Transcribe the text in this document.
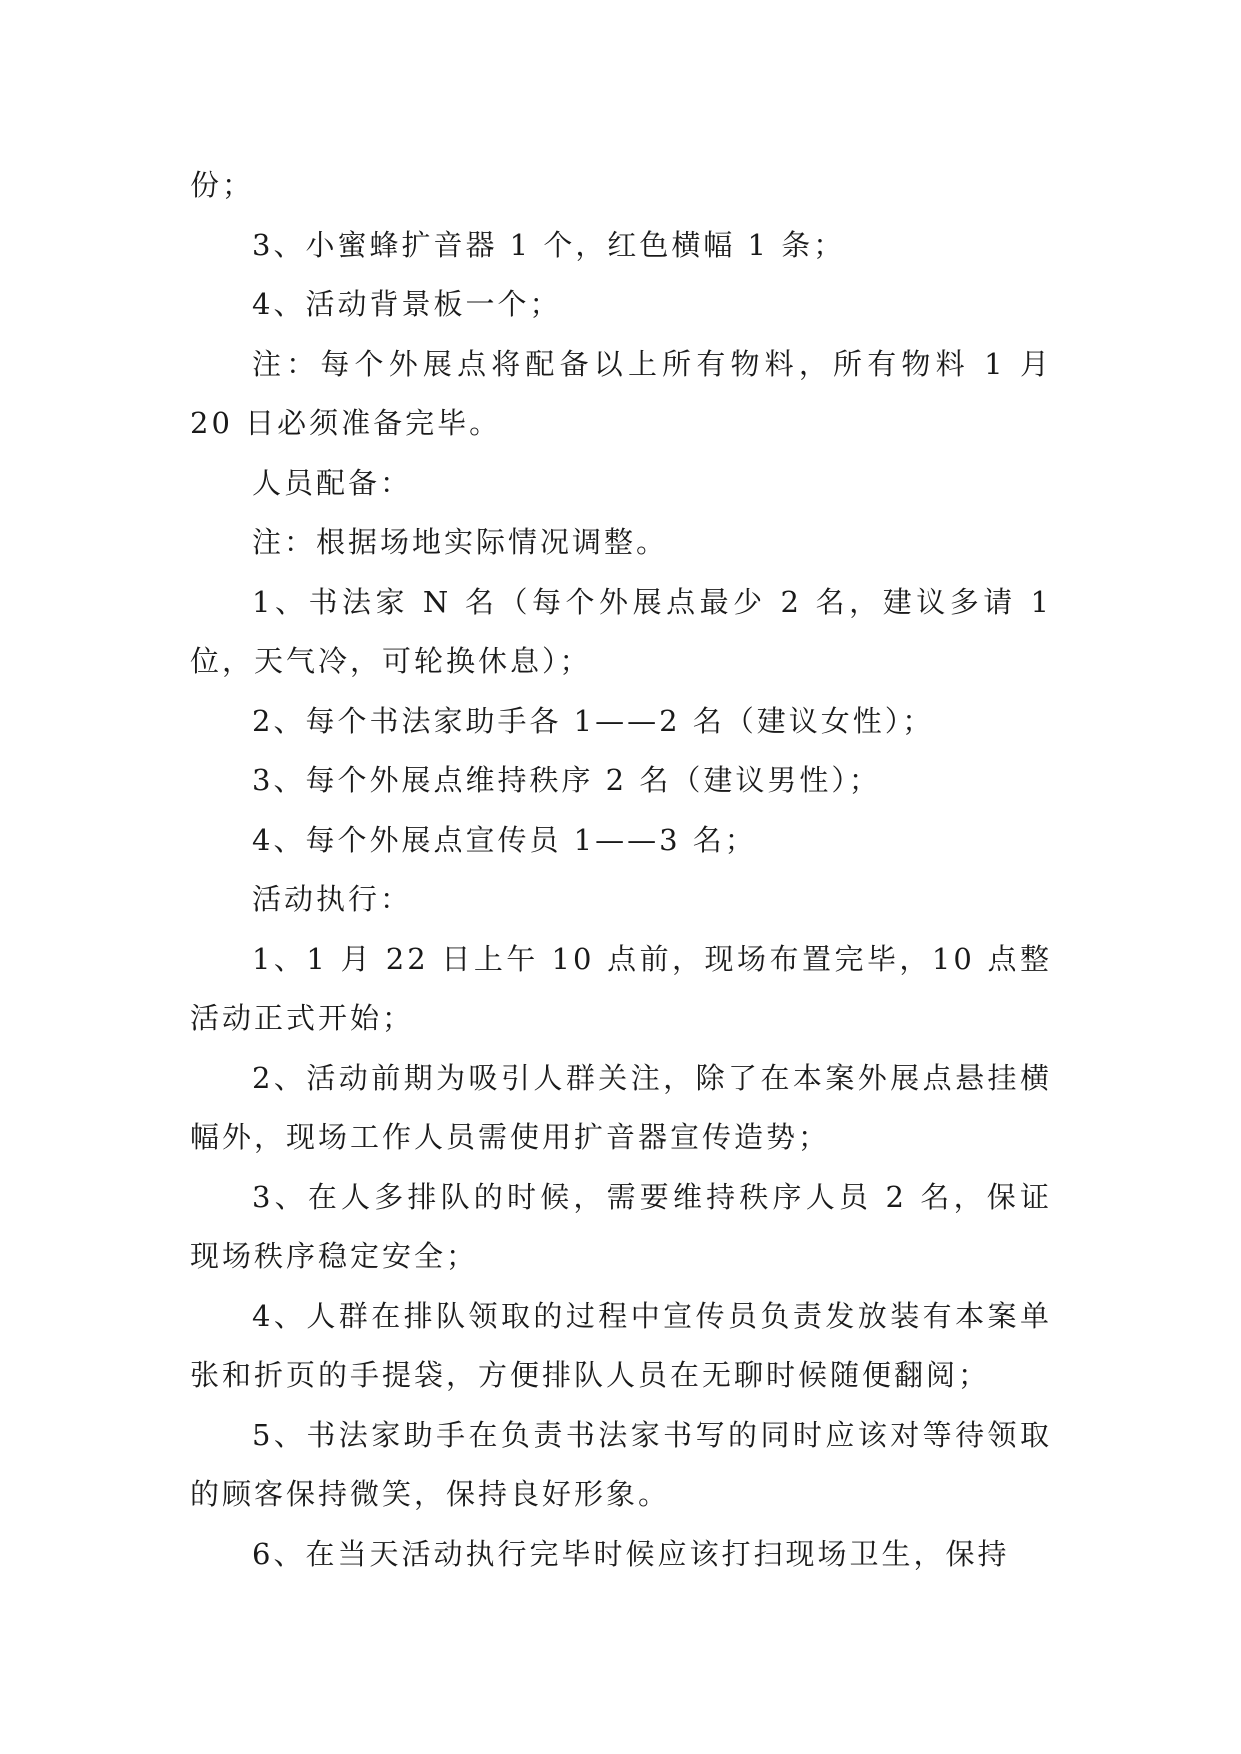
份；

3、小蜜蜂扩音器 1 个，红色横幅 1 条；

4、活动背景板一个；

注：每个外展点将配备以上所有物料，所有物料 1 月 20 日必须准备完毕。

人员配备：

注：根据场地实际情况调整。

1、书法家 N 名（每个外展点最少 2 名，建议多请 1 位，天气冷，可轮换休息）；

2、每个书法家助手各 1——2 名（建议女性）；

3、每个外展点维持秩序 2 名（建议男性）；

4、每个外展点宣传员 1——3 名；

活动执行：

1、1 月 22 日上午 10 点前，现场布置完毕，10 点整活动正式开始；

2、活动前期为吸引人群关注，除了在本案外展点悬挂横幅外，现场工作人员需使用扩音器宣传造势；

3、在人多排队的时候，需要维持秩序人员 2 名，保证现场秩序稳定安全；

4、人群在排队领取的过程中宣传员负责发放装有本案单张和折页的手提袋，方便排队人员在无聊时候随便翻阅；

5、书法家助手在负责书法家书写的同时应该对等待领取的顾客保持微笑，保持良好形象。

6、在当天活动执行完毕时候应该打扫现场卫生，保持
